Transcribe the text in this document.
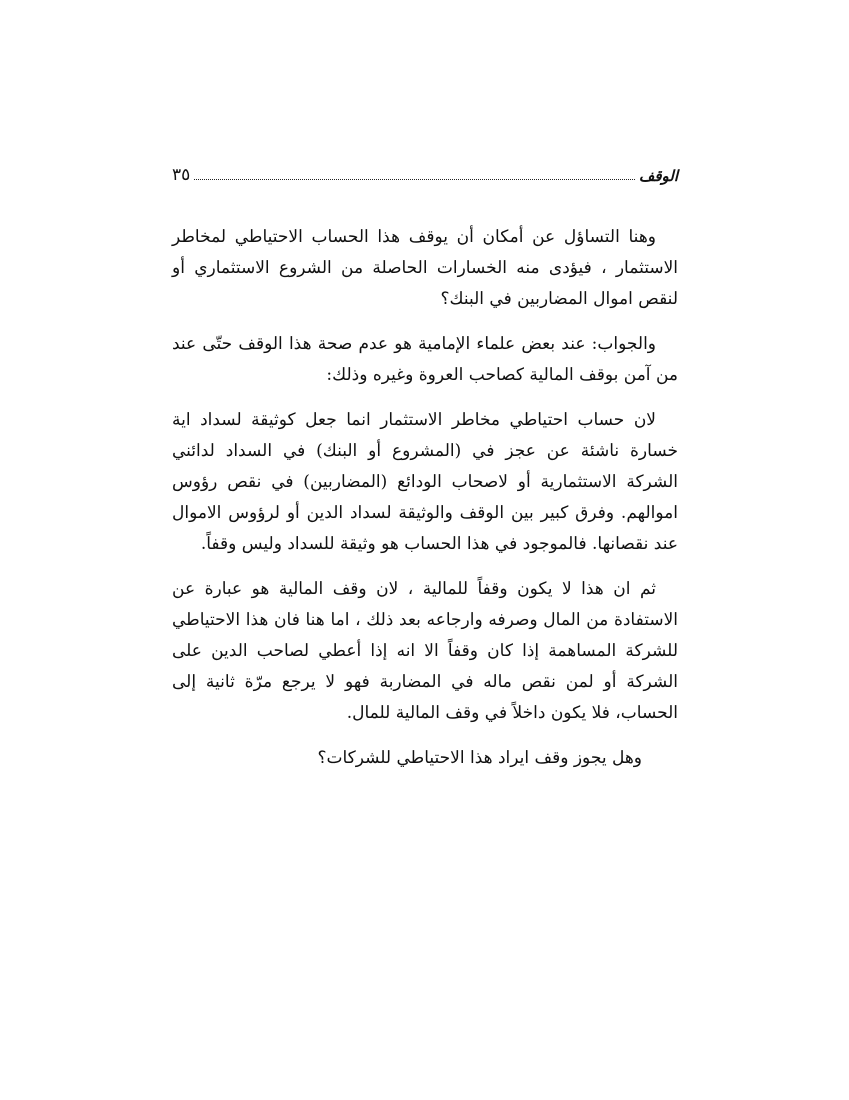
الوقف
٣٥

وهنا التساؤل عن أمكان أن يوقف هذا الحساب الاحتياطي لمخاطر الاستثمار ، فيؤدى منه الخسارات الحاصلة من الشروع الاستثماري أو لنقص اموال المضاربين في البنك؟

والجواب: عند بعض علماء الإمامية هو عدم صحة هذا الوقف حتّى عند من آمن بوقف المالية كصاحب العروة وغيره وذلك:

لان حساب احتياطي مخاطر الاستثمار انما جعل كوثيقة لسداد اية خسارة ناشئة عن عجز في (المشروع أو البنك) في السداد لدائني الشركة الاستثمارية أو لاصحاب الودائع (المضاربين) في نقص رؤوس اموالهم. وفرق كبير بين الوقف والوثيقة لسداد الدين أو لرؤوس الاموال عند نقصانها. فالموجود في هذا الحساب هو وثيقة للسداد وليس وقفاً.

ثم ان هذا لا يكون وقفاً للمالية ، لان وقف المالية هو عبارة عن الاستفادة من المال وصرفه وارجاعه بعد ذلك ، اما هنا فان هذا الاحتياطي للشركة المساهمة إذا كان وقفاً الا انه إذا أعطي لصاحب الدين على الشركة أو لمن نقص ماله في المضاربة فهو لا يرجع مرّة ثانية إلى الحساب، فلا يكون داخلاً في وقف المالية للمال.

وهل يجوز وقف ايراد هذا الاحتياطي للشركات؟
